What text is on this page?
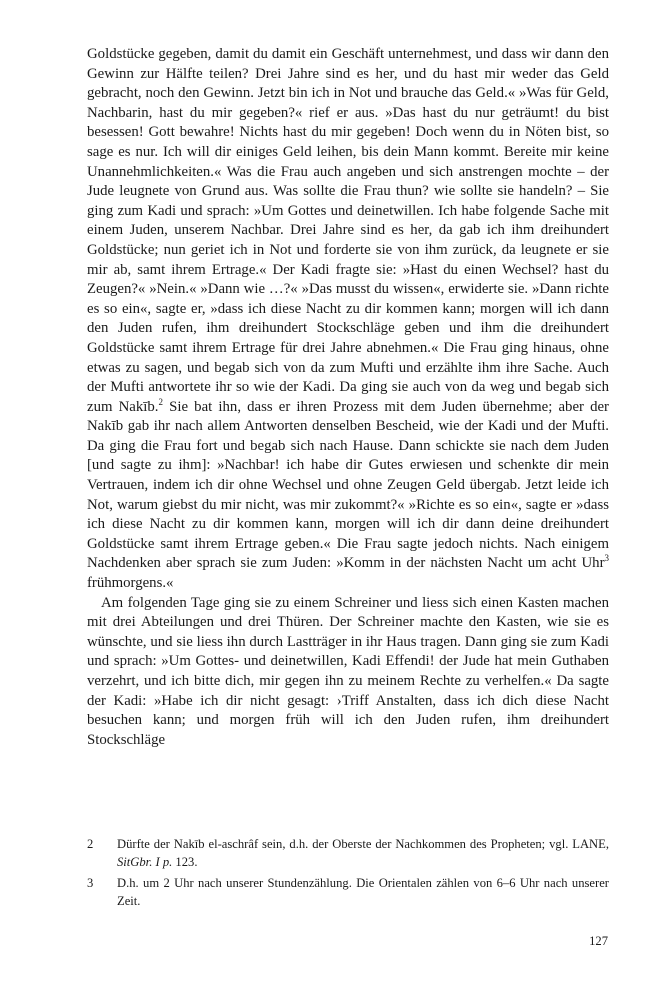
Goldstücke gegeben, damit du damit ein Geschäft unternehmest, und dass wir dann den Gewinn zur Hälfte teilen? Drei Jahre sind es her, und du hast mir weder das Geld gebracht, noch den Gewinn. Jetzt bin ich in Not und brauche das Geld.« »Was für Geld, Nachbarin, hast du mir gegeben?« rief er aus. »Das hast du nur geträumt! du bist besessen! Gott bewahre! Nichts hast du mir gegeben! Doch wenn du in Nöten bist, so sage es nur. Ich will dir einiges Geld leihen, bis dein Mann kommt. Bereite mir keine Unannehmlichkeiten.« Was die Frau auch angeben und sich anstrengen mochte – der Jude leugnete von Grund aus. Was sollte die Frau thun? wie sollte sie handeln? – Sie ging zum Kadi und sprach: »Um Gottes und deinetwillen. Ich habe folgende Sache mit einem Juden, unserem Nachbar. Drei Jahre sind es her, da gab ich ihm dreihundert Goldstücke; nun geriet ich in Not und forderte sie von ihm zurück, da leugnete er sie mir ab, samt ihrem Ertrage.« Der Kadi fragte sie: »Hast du einen Wechsel? hast du Zeugen?« »Nein.« »Dann wie …?« »Das musst du wissen«, erwiderte sie. »Dann richte es so ein«, sagte er, »dass ich diese Nacht zu dir kommen kann; morgen will ich dann den Juden rufen, ihm dreihundert Stockschläge geben und ihm die dreihundert Goldstücke samt ihrem Ertrage für drei Jahre abnehmen.« Die Frau ging hinaus, ohne etwas zu sagen, und begab sich von da zum Mufti und erzählte ihm ihre Sache. Auch der Mufti antwortete ihr so wie der Kadi. Da ging sie auch von da weg und begab sich zum Nakīb.$^2$ Sie bat ihn, dass er ihren Prozess mit dem Juden übernehme; aber der Nakīb gab ihr nach allem Antworten denselben Bescheid, wie der Kadi und der Mufti. Da ging die Frau fort und begab sich nach Hause. Dann schickte sie nach dem Juden [und sagte zu ihm]: »Nachbar! ich habe dir Gutes erwiesen und schenkte dir mein Vertrauen, indem ich dir ohne Wechsel und ohne Zeugen Geld übergab. Jetzt leide ich Not, warum giebst du mir nicht, was mir zukommt?« »Richte es so ein«, sagte er »dass ich diese Nacht zu dir kommen kann, morgen will ich dir dann deine dreihundert Goldstücke samt ihrem Ertrage geben.« Die Frau sagte jedoch nichts. Nach einigem Nachdenken aber sprach sie zum Juden: »Komm in der nächsten Nacht um acht Uhr$^3$ frühmorgens.«

Am folgenden Tage ging sie zu einem Schreiner und liess sich einen Kasten machen mit drei Abteilungen und drei Thüren. Der Schreiner machte den Kasten, wie sie es wünschte, und sie liess ihn durch Lastträger in ihr Haus tragen. Dann ging sie zum Kadi und sprach: »Um Gottes- und deinetwillen, Kadi Effendi! der Jude hat mein Guthaben verzehrt, und ich bitte dich, mir gegen ihn zu meinem Rechte zu verhelfen.« Da sagte der Kadi: »Habe ich dir nicht gesagt: ›Triff Anstalten, dass ich dich diese Nacht besuchen kann; und morgen früh will ich den Juden rufen, ihm dreihundert Stockschläge

2	Dürfte der Nakīb el-aschrâf sein, d.h. der Oberste der Nachkommen des Propheten; vgl. LANE, SitGbr. I p. 123.
3	D.h. um 2 Uhr nach unserer Stundenzählung. Die Orientalen zählen von 6–6 Uhr nach unserer Zeit.
127
